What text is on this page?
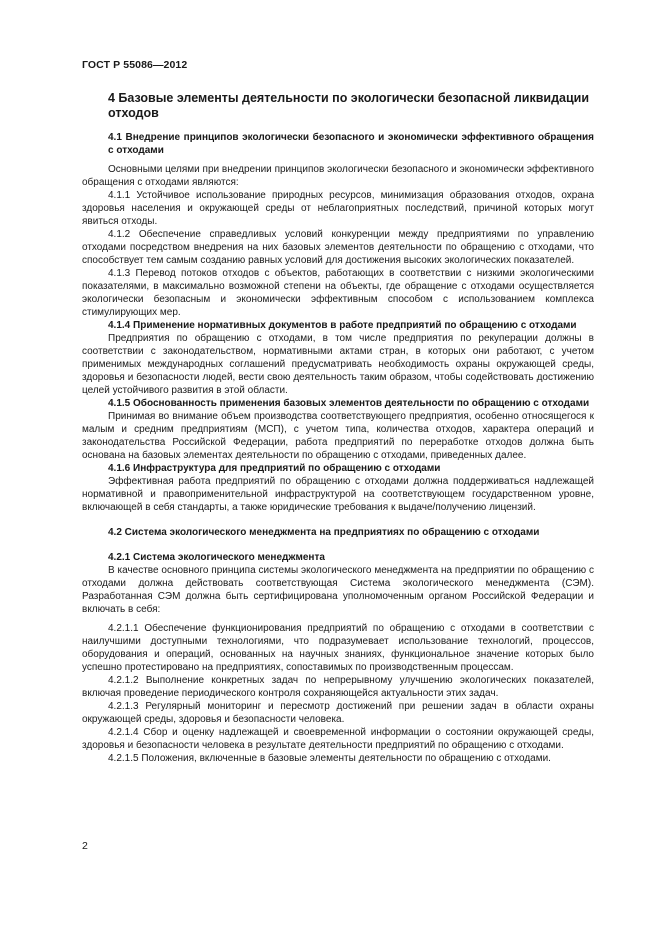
ГОСТ Р 55086—2012
4 Базовые элементы деятельности по экологически безопасной ликвидации отходов
4.1 Внедрение принципов экологически безопасного и экономически эффективного обращения с отходами

Основными целями при внедрении принципов экологически безопасного и экономически эффективного обращения с отходами являются:

4.1.1 Устойчивое использование природных ресурсов, минимизация образования отходов, охрана здоровья населения и окружающей среды от неблагоприятных последствий, причиной которых могут явиться отходы.

4.1.2 Обеспечение справедливых условий конкуренции между предприятиями по управлению отходами посредством внедрения на них базовых элементов деятельности по обращению с отходами, что способствует тем самым созданию равных условий для достижения высоких экологических показателей.

4.1.3 Перевод потоков отходов с объектов, работающих в соответствии с низкими экологическими показателями, в максимально возможной степени на объекты, где обращение с отходами осуществляется экологически безопасным и экономически эффективным способом с использованием комплекса стимулирующих мер.

4.1.4 Применение нормативных документов в работе предприятий по обращению с отходами

Предприятия по обращению с отходами, в том числе предприятия по рекуперации должны в соответствии с законодательством, нормативными актами стран, в которых они работают, с учетом применимых международных соглашений предусматривать необходимость охраны окружающей среды, здоровья и безопасности людей, вести свою деятельность таким образом, чтобы содействовать достижению целей устойчивого развития в этой области.

4.1.5 Обоснованность применения базовых элементов деятельности по обращению с отходами

Принимая во внимание объем производства соответствующего предприятия, особенно относящегося к малым и средним предприятиям (МСП), с учетом типа, количества отходов, характера операций и законодательства Российской Федерации, работа предприятий по переработке отходов должна быть основана на базовых элементах деятельности по обращению с отходами, приведенных далее.

4.1.6 Инфраструктура для предприятий по обращению с отходами

Эффективная работа предприятий по обращению с отходами должна поддерживаться надлежащей нормативной и правоприменительной инфраструктурой на соответствующем государственном уровне, включающей в себя стандарты, а также юридические требования к выдаче/получению лицензий.

4.2 Система экологического менеджмента на предприятиях по обращению с отходами
4.2.1 Система экологического менеджмента

В качестве основного принципа системы экологического менеджмента на предприятии по обращению с отходами должна действовать соответствующая Система экологического менеджмента (СЭМ). Разработанная СЭМ должна быть сертифицирована уполномоченным органом Российской Федерации и включать в себя:

4.2.1.1 Обеспечение функционирования предприятий по обращению с отходами в соответствии с наилучшими доступными технологиями, что подразумевает использование технологий, процессов, оборудования и операций, основанных на научных знаниях, функциональное значение которых было успешно протестировано на предприятиях, сопоставимых по производственным процессам.

4.2.1.2 Выполнение конкретных задач по непрерывному улучшению экологических показателей, включая проведение периодического контроля сохраняющейся актуальности этих задач.

4.2.1.3 Регулярный мониторинг и пересмотр достижений при решении задач в области охраны окружающей среды, здоровья и безопасности человека.

4.2.1.4 Сбор и оценку надлежащей и своевременной информации о состоянии окружающей среды, здоровья и безопасности человека в результате деятельности предприятий по обращению с отходами.

4.2.1.5 Положения, включенные в базовые элементы деятельности по обращению с отходами.

2
